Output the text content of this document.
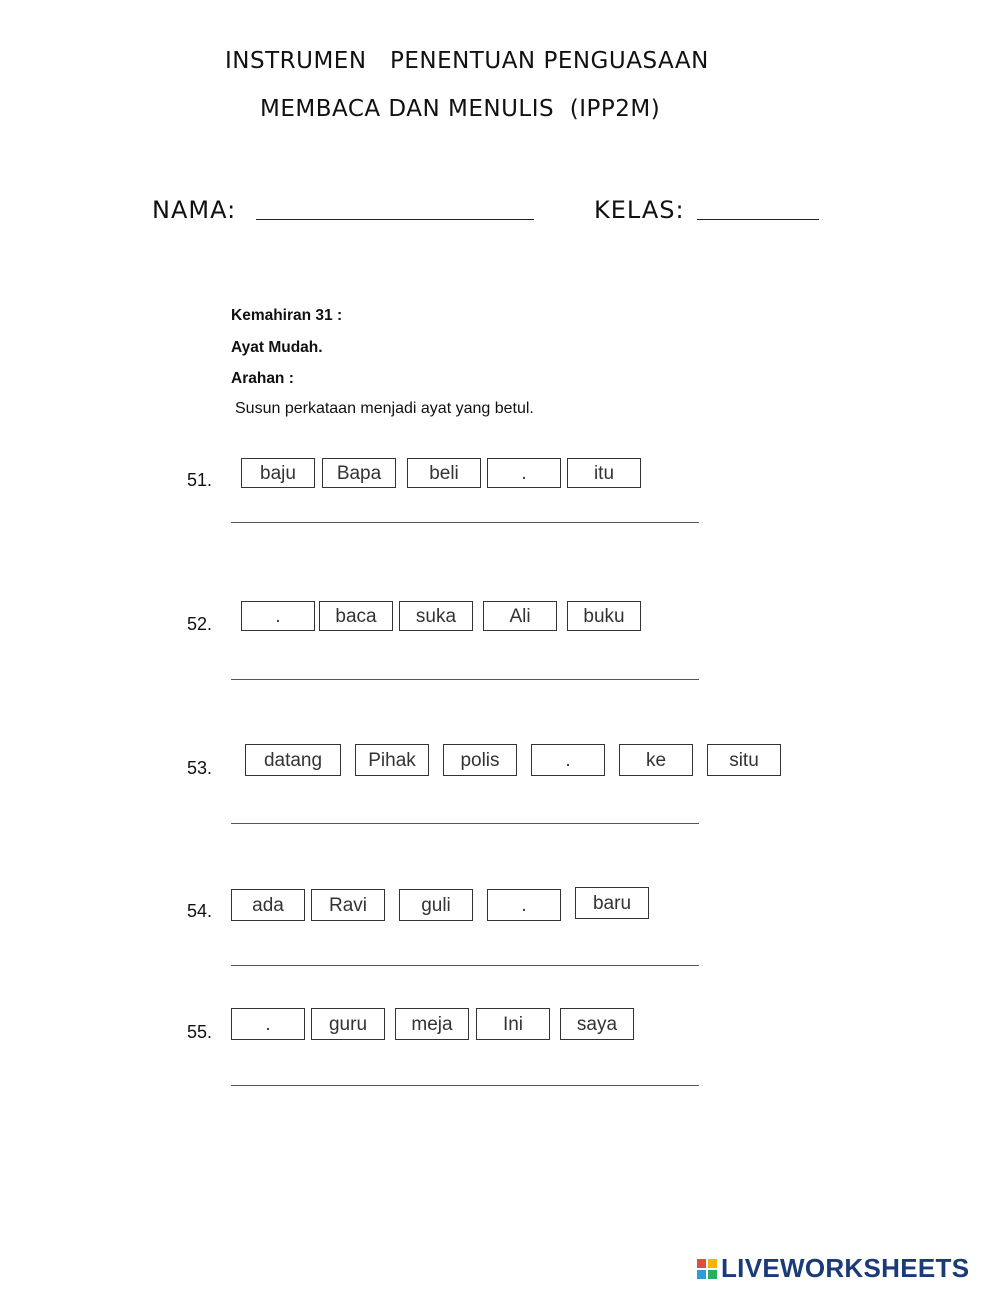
INSTRUMEN   PENENTUAN PENGUASAAN
MEMBACA DAN MENULIS  (IPP2M)
NAMA:	KELAS:
Kemahiran 31 :
Ayat Mudah.
Arahan :
Susun perkataan menjadi ayat yang betul.
51.	baju	Bapa	beli	.	itu
52.	.	baca	suka	Ali	buku
53.	datang	Pihak	polis	.	ke	situ
54.	ada	Ravi	guli	.	baru
55.	.	guru	meja	Ini	saya
LIVEWORKSHEETS
